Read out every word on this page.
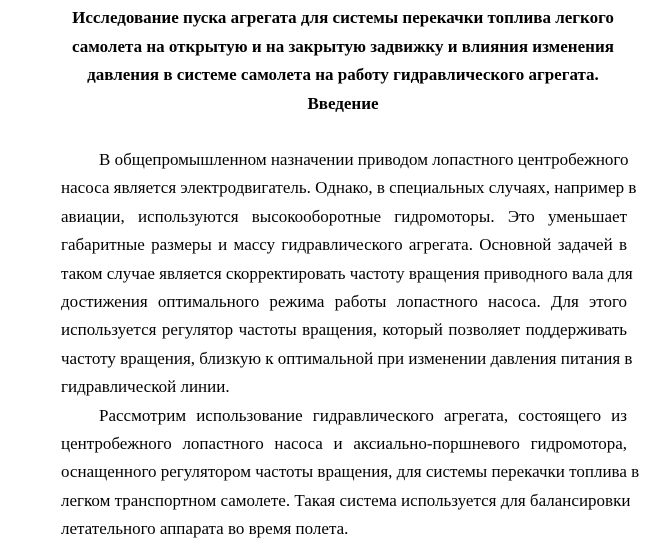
Исследование пуска агрегата для системы перекачки топлива легкого
самолета на открытую и на закрытую задвижку и влияния изменения
давления в системе самолета на работу гидравлического агрегата.
Введение
В общепромышленном назначении приводом лопастного центробежного
насоса является электродвигатель. Однако, в специальных случаях, например в
авиации, используются высокооборотные гидромоторы. Это уменьшает
габаритные размеры и массу гидравлического агрегата. Основной задачей в
таком случае является скорректировать частоту вращения приводного вала для
достижения оптимального режима работы лопастного насоса. Для этого
используется регулятор частоты вращения, который позволяет поддерживать
частоту вращения, близкую к оптимальной при изменении давления питания в
гидравлической линии.
Рассмотрим использование гидравлического агрегата, состоящего из
центробежного лопастного насоса и аксиально-поршневого гидромотора,
оснащенного регулятором частоты вращения, для системы перекачки топлива в
легком транспортном самолете. Такая система используется для балансировки
летательного аппарата во время полета.
